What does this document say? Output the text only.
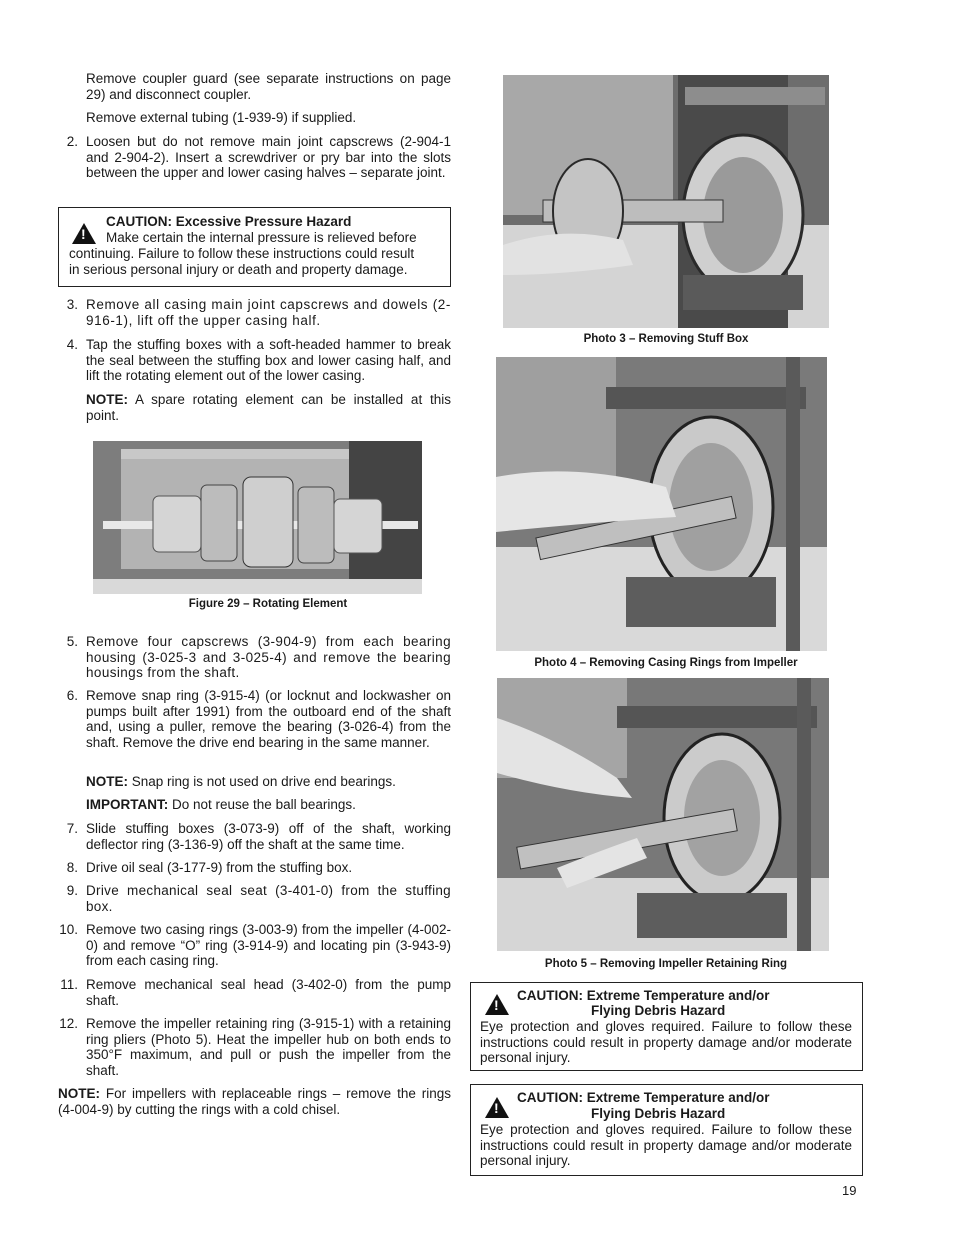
Remove coupler guard (see separate instructions on page 29) and disconnect coupler.
Remove external tubing (1-939-9) if supplied.
2. Loosen but do not remove main joint capscrews (2-904-1 and 2-904-2). Insert a screwdriver or pry bar into the slots between the upper and lower casing halves – separate joint.
!
CAUTION: Excessive Pressure Hazard
Make certain the internal pressure is relieved before
continuing. Failure to follow these instructions could result
in serious personal injury or death and property damage.
3. Remove all casing main joint capscrews and dowels (2-916-1), lift off the upper casing half.
4. Tap the stuffing boxes with a soft-headed hammer to break the seal between the stuffing box and lower casing half, and lift the rotating element out of the lower casing.
NOTE: A spare rotating element can be installed at this point.
Figure 29 – Rotating Element
5. Remove four capscrews (3-904-9) from each bearing housing (3-025-3 and 3-025-4) and remove the bearing housings from the shaft.
6. Remove snap ring (3-915-4) (or locknut and lockwasher on pumps built after 1991) from the outboard end of the shaft and, using a puller, remove the bearing (3-026-4) from the shaft. Remove the drive end bearing in the same manner.
NOTE: Snap ring is not used on drive end bearings.
IMPORTANT: Do not reuse the ball bearings.
7. Slide stuffing boxes (3-073-9) off of the shaft, working deflector ring (3-136-9) off the shaft at the same time.
8. Drive oil seal (3-177-9) from the stuffing box.
9. Drive mechanical seal seat (3-401-0) from the stuffing box.
10. Remove two casing rings (3-003-9) from the impeller (4-002-0) and remove “O” ring (3-914-9) and locating pin (3-943-9) from each casing ring.
11. Remove mechanical seal head (3-402-0) from the pump shaft.
12. Remove the impeller retaining ring (3-915-1) with a retaining ring pliers (Photo 5). Heat the impeller hub on both ends to 350°F maximum, and pull or push the impeller from the shaft.
NOTE: For impellers with replaceable rings – remove the rings (4-004-9) by cutting the rings with a cold chisel.
Photo 3 – Removing Stuff Box
Photo 4 – Removing Casing Rings from Impeller
Photo 5 – Removing Impeller Retaining Ring
!
CAUTION: Extreme Temperature and/or
Flying Debris Hazard
Eye protection and gloves required. Failure to follow these instructions could result in property damage and/or moderate personal injury.
!
CAUTION: Extreme Temperature and/or
Flying Debris Hazard
Eye protection and gloves required. Failure to follow these instructions could result in property damage and/or moderate personal injury.
19
